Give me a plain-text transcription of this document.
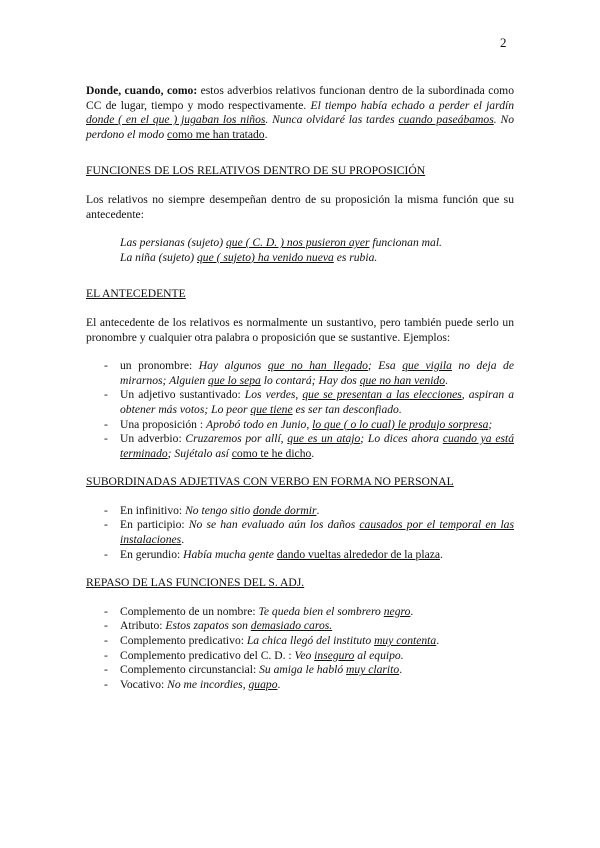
2

Donde, cuando, como: estos adverbios relativos funcionan dentro de la subordinada como CC de lugar, tiempo y modo respectivamente. El tiempo había echado a perder el jardín donde ( en el que ) jugaban los niños. Nunca olvidaré las tardes cuando paseábamos. No perdono el modo como me han tratado.

FUNCIONES DE LOS RELATIVOS DENTRO DE SU PROPOSICIÓN

Los relativos no siempre desempeñan dentro de su proposición la misma función que su antecedente:

Las persianas (sujeto) que ( C. D. ) nos pusieron ayer funcionan mal.

La niña (sujeto) que ( sujeto) ha venido nueva es rubia.

EL ANTECEDENTE

El antecedente de los relativos es normalmente un sustantivo, pero también puede serlo un pronombre y cualquier otra palabra o proposición que se sustantive. Ejemplos:

- un pronombre: Hay algunos que no han llegado; Esa que vigila no deja de mirarnos; Alguien que lo sepa lo contará; Hay dos que no han venido.
- Un adjetivo sustantivado: Los verdes, que se presentan a las elecciones, aspiran a obtener más votos; Lo peor que tiene es ser tan desconfiado.
- Una proposición : Aprobó todo en Junio, lo que ( o lo cual) le produjo sorpresa;
- Un adverbio: Cruzaremos por allí, que es un atajo; Lo dices ahora cuando ya está terminado; Sujétalo así como te he dicho.

SUBORDINADAS ADJETIVAS CON VERBO EN FORMA NO PERSONAL

- En infinitivo: No tengo sitio donde dormir.
- En participio: No se han evaluado aún los daños causados por el temporal en las instalaciones.
- En gerundio: Había mucha gente dando vueltas alrededor de la plaza.

REPASO DE LAS FUNCIONES DEL S. ADJ.

- Complemento de un nombre: Te queda bien el sombrero negro.
- Atributo: Estos zapatos son demasiado caros.
- Complemento predicativo: La chica llegó del instituto muy contenta.
- Complemento predicativo del C. D. : Veo inseguro al equipo.
- Complemento circunstancial: Su amiga le habló muy clarito.
- Vocativo: No me incordies, guapo.
